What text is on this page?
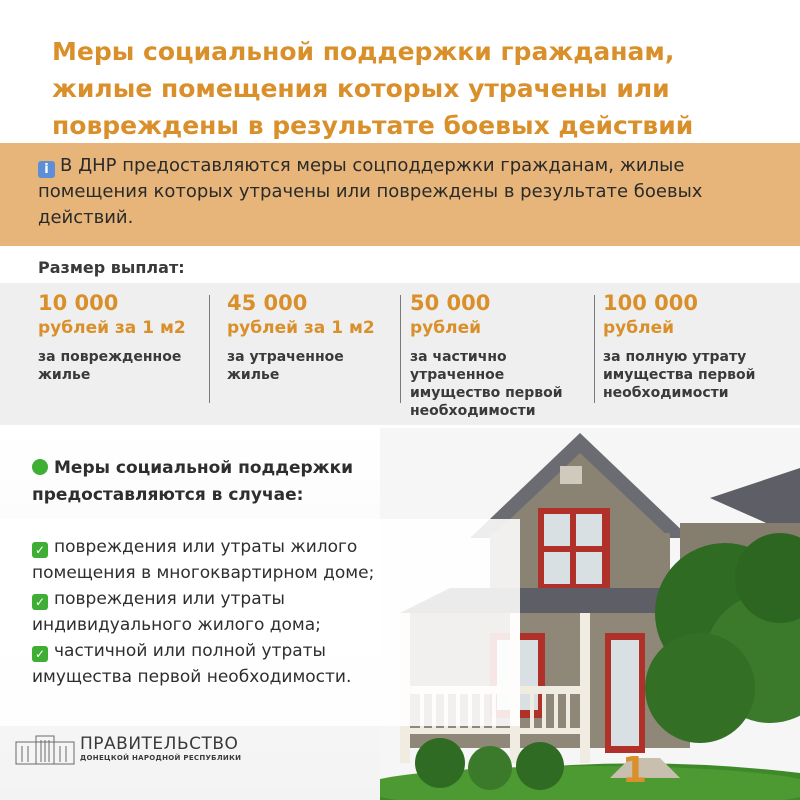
Меры социальной поддержки гражданам, жилые помещения которых утрачены или повреждены в результате боевых действий
i В ДНР предоставляются меры соцподдержки гражданам, жилые помещения которых утрачены или повреждены в результате боевых действий.
Размер выплат:
10 000
рублей за 1 м2
за поврежденное жилье
45 000
рублей за 1 м2
за утраченное жилье
50 000
рублей
за частично утраченное имущество первой необходимости
100 000
рублей
за полную утрату имущества первой необходимости
Меры социальной поддержки предоставляются в случае:
✓ повреждения или утраты жилого помещения в многоквартирном доме;
✓ повреждения или утраты индивидуального жилого дома;
✓ частичной или полной утраты имущества первой необходимости.
ПРАВИТЕЛЬСТВО
ДОНЕЦКОЙ НАРОДНОЙ РЕСПУБЛИКИ	1
